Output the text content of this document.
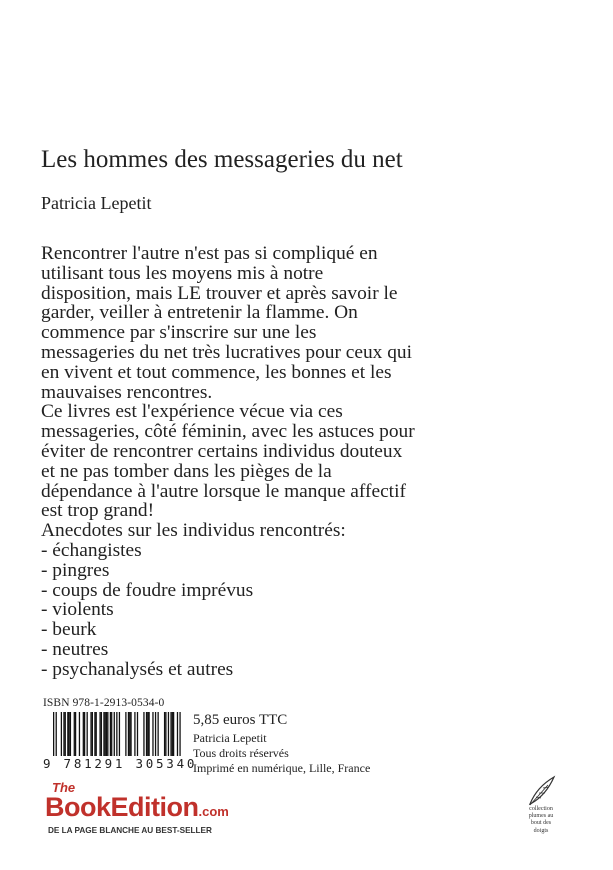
Les hommes des messageries du net
Patricia Lepetit
Rencontrer l'autre n'est pas si compliqué en
utilisant tous les moyens mis à notre
disposition, mais LE trouver et après savoir le
garder, veiller à entretenir la flamme. On
commence par s'inscrire sur une les
messageries du net très lucratives pour ceux qui
en vivent et tout commence, les bonnes et les
mauvaises rencontres.
Ce livres est l'expérience vécue via ces
messageries, côté féminin, avec les astuces pour
éviter de rencontrer certains individus douteux
et ne pas tomber dans les pièges de la
dépendance à l'autre lorsque le manque affectif
est trop grand!
Anecdotes sur les individus rencontrés:
- échangistes
- pingres
- coups de foudre imprévus
- violents
- beurk
- neutres
- psychanalysés et autres
ISBN 978-1-2913-0534-0
9 781291 305340
5,85 euros TTC
Patricia Lepetit
Tous droits réservés
Imprimé en numérique, Lille, France
The
BookEdition.com
DE LA PAGE BLANCHE AU BEST-SELLER
collection
plumes au
bout des
doigts
